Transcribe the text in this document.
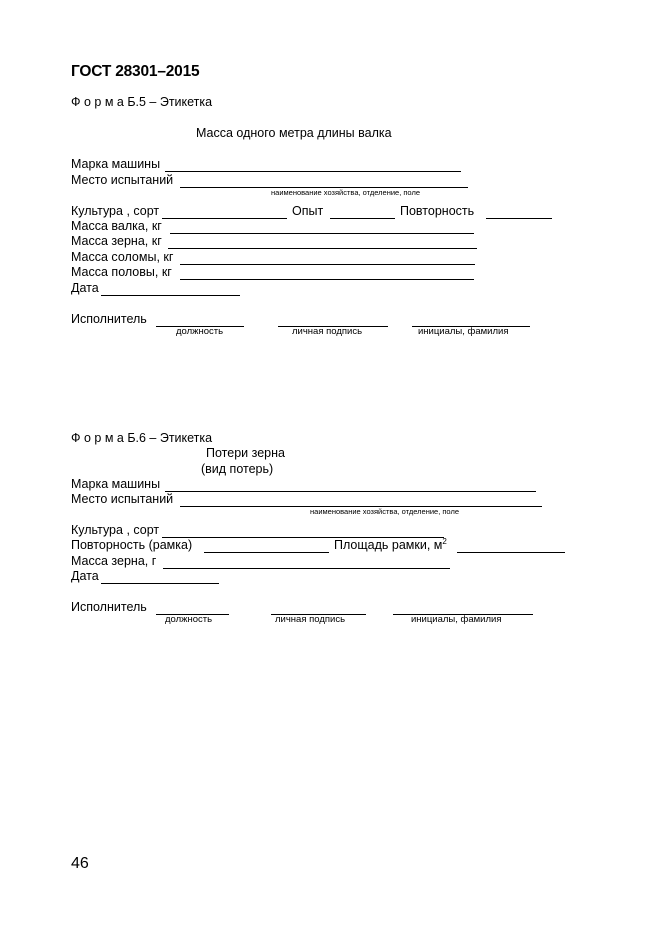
ГОСТ 28301–2015
Ф о р м а Б.5 – Этикетка
Масса одного метра длины валка
Марка машины
Место испытаний
наименование хозяйства, отделение, поле
Культура , сорт	Опыт	Повторность
Масса валка, кг
Масса зерна, кг
Масса соломы, кг
Масса половы, кг
Дата
Исполнитель
должность	личная подпись	инициалы, фамилия
Ф о р м а Б.6 – Этикетка
Потери зерна
(вид потерь)
Марка машины
Место испытаний
наименование хозяйства, отделение, поле
Культура , сорт
Повторность (рамка)	Площадь рамки, $м^2$
Масса зерна, г
Дата
Исполнитель
должность	личная подпись	инициалы, фамилия
46
